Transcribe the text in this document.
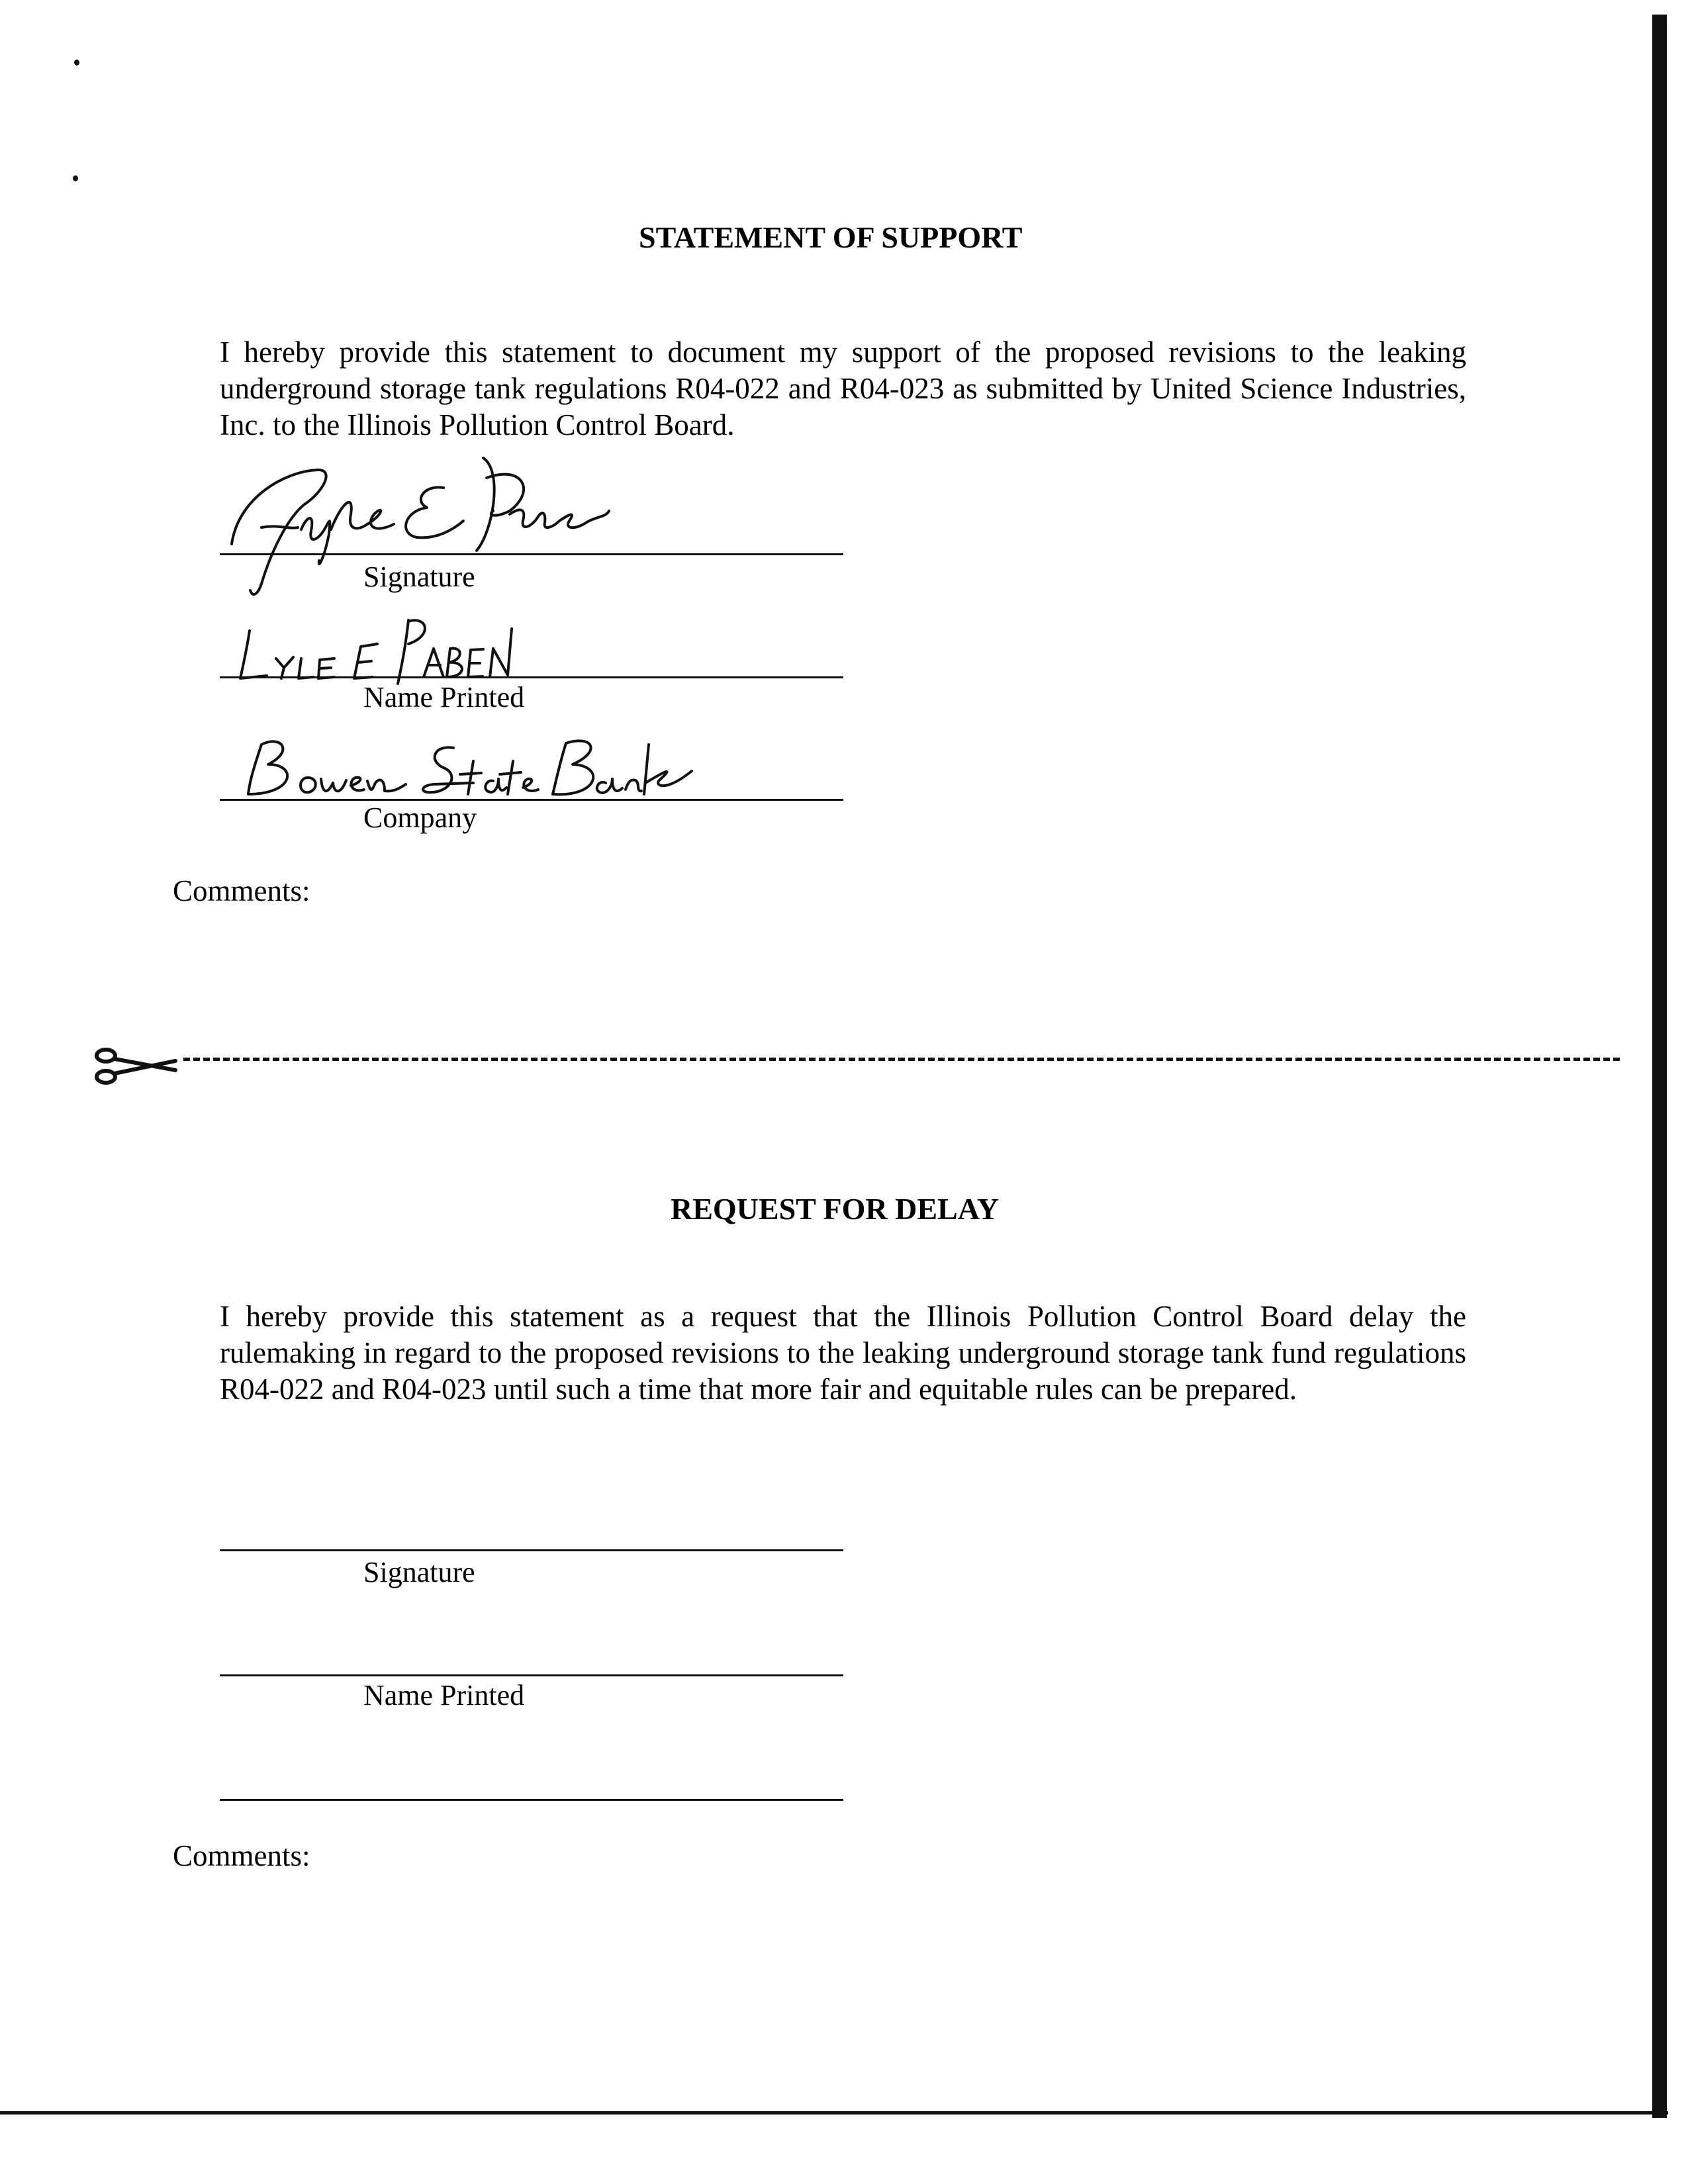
STATEMENT OF SUPPORT
I hereby provide this statement to document my support of the proposed revisions to the leaking underground storage tank regulations R04-022 and R04-023 as submitted by United Science Industries, Inc. to the Illinois Pollution Control Board.
Signature
Name Printed
Company
Comments:
REQUEST FOR DELAY
I hereby provide this statement as a request that the Illinois Pollution Control Board delay the rulemaking in regard to the proposed revisions to the leaking underground storage tank fund regulations R04-022 and R04-023 until such a time that more fair and equitable rules can be prepared.
Signature
Name Printed
Comments:
